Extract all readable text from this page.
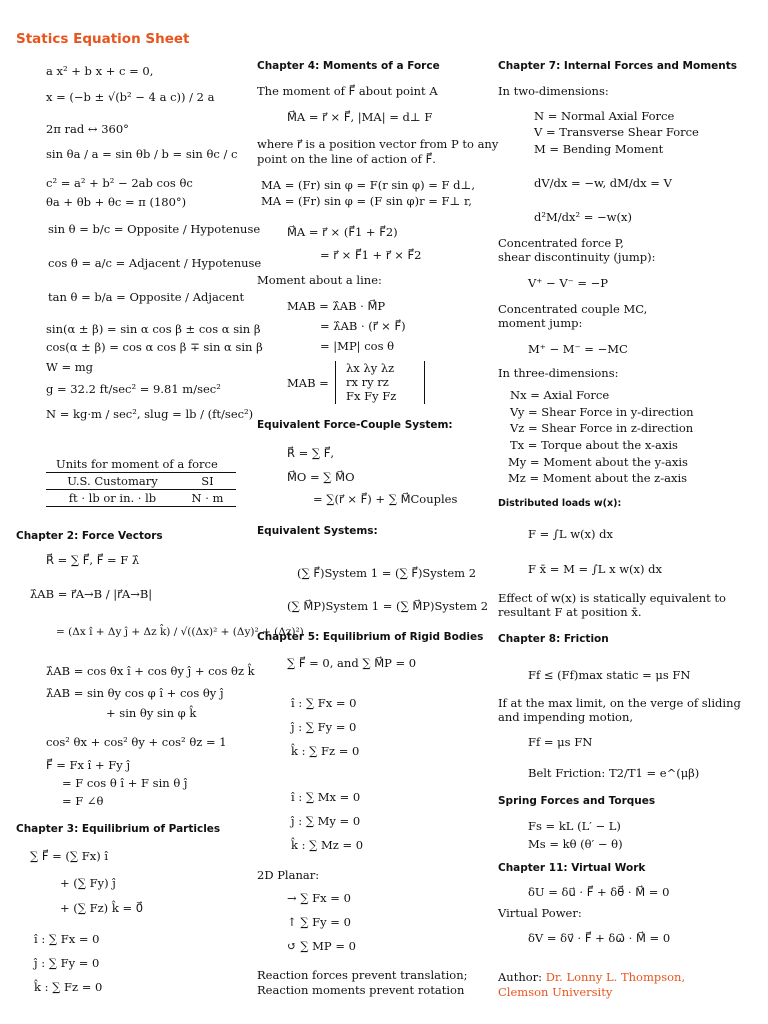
Statics Equation Sheet
a x² + b x + c = 0,
x = (−b ± √(b² − 4 a c)) / 2 a
2π rad ↔ 360°
sin θa / a = sin θb / b = sin θc / c
c² = a² + b² − 2ab cos θc
θa + θb + θc = π (180°)
sin θ = b/c = Opposite / Hypotenuse
cos θ = a/c = Adjacent / Hypotenuse
tan θ = b/a = Opposite / Adjacent
sin(α ± β) = sin α cos β ± cos α sin β
cos(α ± β) = cos α cos β ∓ sin α sin β
W = mg
g = 32.2 ft/sec² = 9.81 m/sec²
N = kg·m / sec², slug = lb / (ft/sec²)
Units for moment of a force
U.S. Customary	SI
ft · lb or in. · lb	N · m
Chapter 2: Force Vectors
R⃗ = ∑ F⃗, F⃗ = F λ̂
λ̂AB = r⃗A→B / |r⃗A→B|
= (Δx î + Δy ĵ + Δz k̂) / √((Δx)² + (Δy)² + (Δz)²)
λ̂AB = cos θx î + cos θy ĵ + cos θz k̂
λ̂AB = sin θy cos φ î + cos θy ĵ
+ sin θy sin φ k̂
cos² θx + cos² θy + cos² θz = 1
F⃗ = Fx î + Fy ĵ
= F cos θ î + F sin θ ĵ
= F ∠θ
Chapter 3: Equilibrium of Particles
∑ F⃗ = (∑ Fx) î
+ (∑ Fy) ĵ
+ (∑ Fz) k̂ = 0⃗
î : ∑ Fx = 0
ĵ : ∑ Fy = 0
k̂ : ∑ Fz = 0
Chapter 4: Moments of a Force
The moment of F⃗ about point A
M⃗A = r⃗ × F⃗, |MA| = d⊥ F
where r⃗ is a position vector from P to any
point on the line of action of F⃗.
MA = (Fr) sin φ = F(r sin φ) = F d⊥,
MA = (Fr) sin φ = (F sin φ)r = F⊥ r,
M⃗A = r⃗ × (F⃗1 + F⃗2)
= r⃗ × F⃗1 + r⃗ × F⃗2
Moment about a line:
MAB = λ̂AB · M⃗P
= λ̂AB · (r⃗ × F⃗)
= |MP| cos θ
MAB =
λx λy λz
rx ry rz
Fx Fy Fz
Equivalent Force-Couple System:
R⃗ = ∑ F⃗,
M⃗O = ∑ M⃗O
= ∑(r⃗ × F⃗) + ∑ M⃗Couples
Equivalent Systems:
(∑ F⃗)System 1 = (∑ F⃗)System 2
(∑ M⃗P)System 1 = (∑ M⃗P)System 2
Chapter 5: Equilibrium of Rigid Bodies
∑ F⃗ = 0, and ∑ M⃗P = 0
î : ∑ Fx = 0
ĵ : ∑ Fy = 0
k̂ : ∑ Fz = 0
î : ∑ Mx = 0
ĵ : ∑ My = 0
k̂ : ∑ Mz = 0
2D Planar:
→ ∑ Fx = 0
↑ ∑ Fy = 0
↺ ∑ MP = 0
Reaction forces prevent translation;
Reaction moments prevent rotation
Chapter 7: Internal Forces and Moments
In two-dimensions:
N = Normal Axial Force
V = Transverse Shear Force
M = Bending Moment
dV/dx = −w, dM/dx = V
d²M/dx² = −w(x)
Concentrated force P,
shear discontinuity (jump):
V⁺ − V⁻ = −P
Concentrated couple MC,
moment jump:
M⁺ − M⁻ = −MC
In three-dimensions:
Nx = Axial Force
Vy = Shear Force in y-direction
Vz = Shear Force in z-direction
Tx = Torque about the x-axis
My = Moment about the y-axis
Mz = Moment about the z-axis
Distributed loads w(x):
F = ∫L w(x) dx
F x̄ = M = ∫L x w(x) dx
Effect of w(x) is statically equivalent to
resultant F at position x̄.
Chapter 8: Friction
Ff ≤ (Ff)max static = μs FN
If at the max limit, on the verge of sliding
and impending motion,
Ff = μs FN
Belt Friction: T2/T1 = e^(μβ)
Spring Forces and Torques
Fs = kL (L′ − L)
Ms = kθ (θ′ − θ)
Chapter 11: Virtual Work
δU = δu⃗ · F⃗ + δθ⃗ · M⃗ = 0
Virtual Power:
δV = δv⃗ · F⃗ + δω⃗ · M⃗ = 0
Author: Dr. Lonny L. Thompson,
Clemson University
